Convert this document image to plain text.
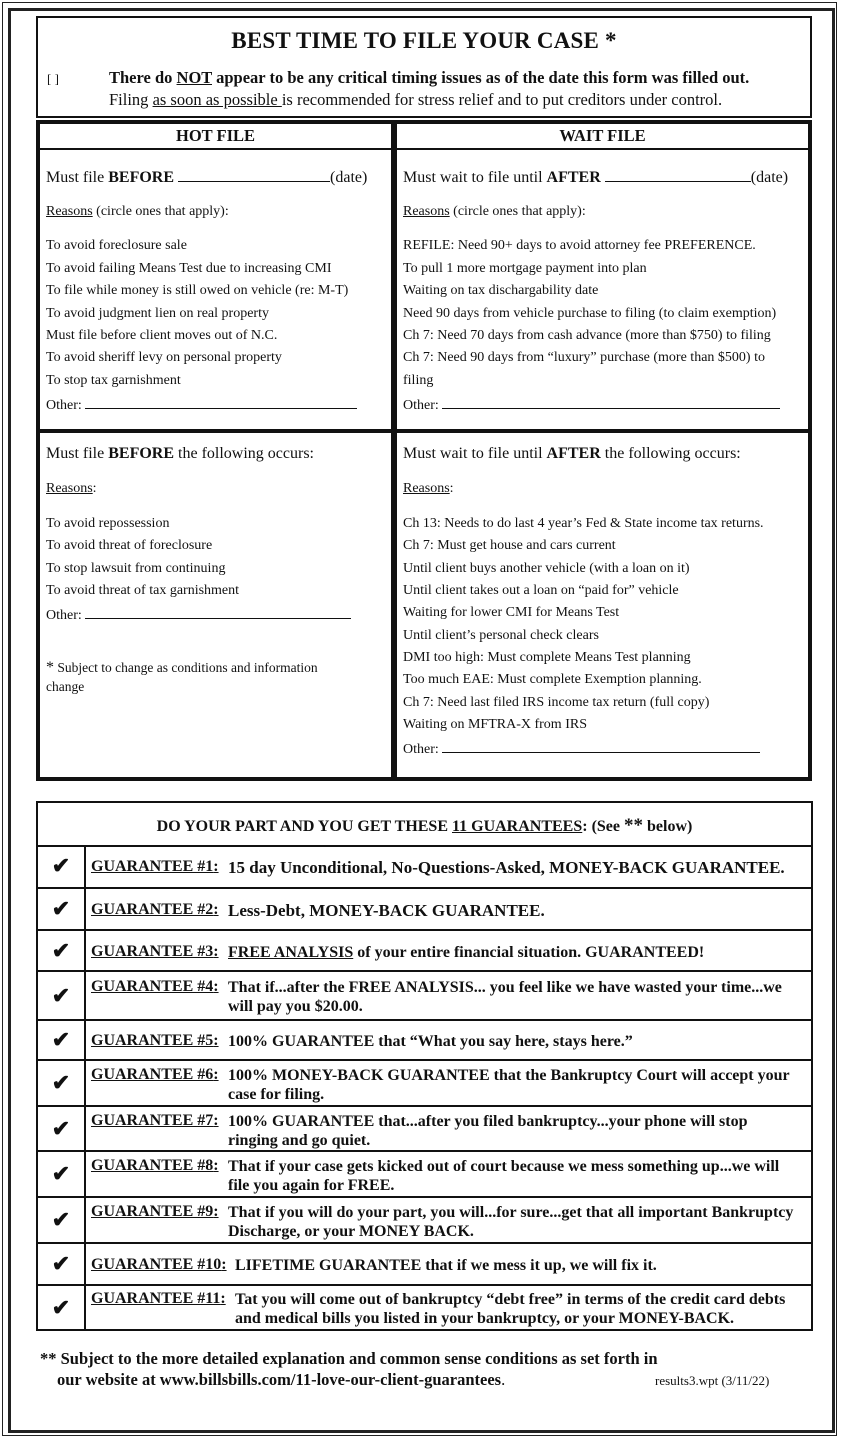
BEST TIME TO FILE YOUR CASE *
[ ]	There do NOT appear to be any critical timing issues as of the date this form was filled out.
Filing as soon as possible is recommended for stress relief and to put creditors under control.
HOT FILE
Must file BEFORE	(date)
Reasons (circle ones that apply):
To avoid foreclosure sale
To avoid failing Means Test due to increasing CMI
To file while money is still owed on vehicle (re: M-T)
To avoid judgment lien on real property
Must file before client moves out of N.C.
To avoid sheriff levy on personal property
To stop tax garnishment
Other:
WAIT FILE
Must wait to file until AFTER	(date)
Reasons (circle ones that apply):
REFILE: Need 90+ days to avoid attorney fee PREFERENCE.
To pull 1 more mortgage payment into plan
Waiting on tax dischargability date
Need 90 days from vehicle purchase to filing (to claim exemption)
Ch 7: Need 70 days from cash advance (more than $750) to filing
Ch 7: Need 90 days from “luxury” purchase (more than $500) to
filing
Other:
Must file BEFORE the following occurs:
Reasons:
To avoid repossession
To avoid threat of foreclosure
To stop lawsuit from continuing
To avoid threat of tax garnishment
Other:
* Subject to change as conditions and information
change
Must wait to file until AFTER the following occurs:
Reasons:
Ch 13: Needs to do last 4 year’s Fed & State income tax returns.
Ch 7: Must get house and cars current
Until client buys another vehicle (with a loan on it)
Until client takes out a loan on “paid for” vehicle
Waiting for lower CMI for Means Test
Until client’s personal check clears
DMI too high: Must complete Means Test planning
Too much EAE: Must complete Exemption planning.
Ch 7: Need last filed IRS income tax return (full copy)
Waiting on MFTRA-X from IRS
Other:
DO YOUR PART AND YOU GET THESE 11 GUARANTEES: (See ** below)
✔	GUARANTEE #1: 15 day Unconditional, No-Questions-Asked, MONEY-BACK GUARANTEE.
✔	GUARANTEE #2: Less-Debt, MONEY-BACK GUARANTEE.
✔	GUARANTEE #3: FREE ANALYSIS of your entire financial situation. GUARANTEED!
✔	GUARANTEE #4: That if...after the FREE ANALYSIS... you feel like we have wasted your time...we
will pay you $20.00.
✔	GUARANTEE #5: 100% GUARANTEE that “What you say here, stays here.”
✔	GUARANTEE #6: 100% MONEY-BACK GUARANTEE that the Bankruptcy Court will accept your
case for filing.
✔	GUARANTEE #7: 100% GUARANTEE that...after you filed bankruptcy...your phone will stop
ringing and go quiet.
✔	GUARANTEE #8: That if your case gets kicked out of court because we mess something up...we will
file you again for FREE.
✔	GUARANTEE #9: That if you will do your part, you will...for sure...get that all important Bankruptcy
Discharge, or your MONEY BACK.
✔	GUARANTEE #10: LIFETIME GUARANTEE that if we mess it up, we will fix it.
✔	GUARANTEE #11: Tat you will come out of bankruptcy “debt free” in terms of the credit card debts
and medical bills you listed in your bankruptcy, or your MONEY-BACK.
** Subject to the more detailed explanation and common sense conditions as set forth in
our website at www.billsbills.com/11-love-our-client-guarantees.	results3.wpt (3/11/22)
